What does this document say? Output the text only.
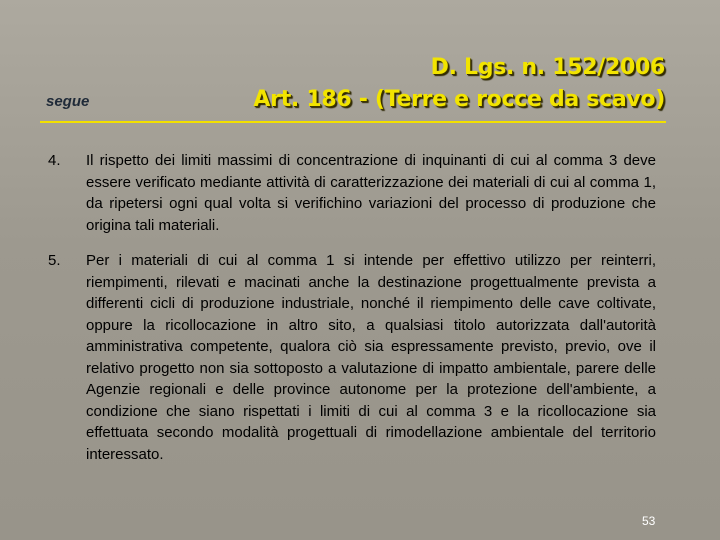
segue
D. Lgs. n. 152/2006
Art. 186 - (Terre e rocce da scavo)
4.	Il rispetto dei limiti massimi di concentrazione di inquinanti di cui al comma 3 deve essere verificato mediante attività di caratterizzazione dei materiali di cui al comma 1, da ripetersi ogni qual volta si verifichino variazioni del processo di produzione che origina tali materiali.
5.	Per i materiali di cui al comma 1 si intende per effettivo utilizzo per reinterri, riempimenti, rilevati e macinati anche la destinazione progettualmente prevista a differenti cicli di produzione industriale, nonché il riempimento delle cave coltivate, oppure la ricollocazione in altro sito, a qualsiasi titolo autorizzata dall'autorità amministrativa competente, qualora ciò sia espressamente previsto, previo, ove il relativo progetto non sia sottoposto a valutazione di impatto ambientale, parere delle Agenzie regionali e delle province autonome per la protezione dell'ambiente, a condizione che siano rispettati i limiti di cui al comma 3 e la ricollocazione sia effettuata secondo modalità progettuali di rimodellazione ambientale del territorio interessato.
53
